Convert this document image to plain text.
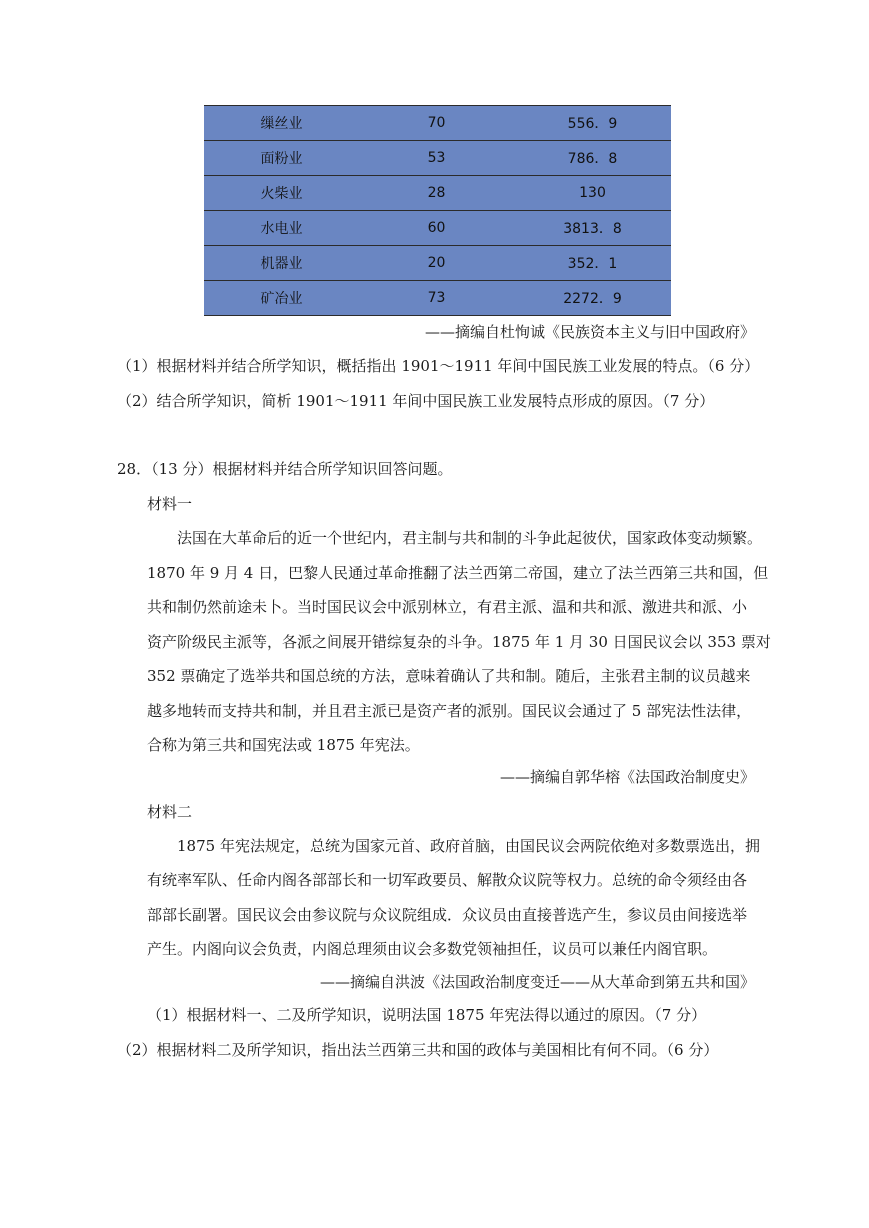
缫丝业	70	556．9
面粉业	53	786．8
火柴业	28	130
水电业	60	3813．8
机器业	20	352．1
矿冶业	73	2272．9
——摘编自杜恂诚《民族资本主义与旧中国政府》
（1）根据材料并结合所学知识，概括指出 1901～1911 年间中国民族工业发展的特点。（6 分）
（2）结合所学知识，简析 1901～1911 年间中国民族工业发展特点形成的原因。（7 分）
28．（13 分）根据材料并结合所学知识回答问题。
材料一
法国在大革命后的近一个世纪内，君主制与共和制的斗争此起彼伏，国家政体变动频繁。
1870 年 9 月 4 日，巴黎人民通过革命推翻了法兰西第二帝国，建立了法兰西第三共和国，但
共和制仍然前途未卜。当时国民议会中派别林立，有君主派、温和共和派、激进共和派、小
资产阶级民主派等，各派之间展开错综复杂的斗争。1875 年 1 月 30 日国民议会以 353 票对
352 票确定了选举共和国总统的方法，意味着确认了共和制。随后，主张君主制的议员越来
越多地转而支持共和制，并且君主派已是资产者的派别。国民议会通过了 5 部宪法性法律，
合称为第三共和国宪法或 1875 年宪法。
——摘编自郭华榕《法国政治制度史》
材料二
1875 年宪法规定，总统为国家元首、政府首脑，由国民议会两院依绝对多数票选出，拥
有统率军队、任命内阁各部部长和一切军政要员、解散众议院等权力。总统的命令须经由各
部部长副署。国民议会由参议院与众议院组成．众议员由直接普选产生，参议员由间接选举
产生。内阁向议会负责，内阁总理须由议会多数党领袖担任，议员可以兼任内阁官职。
——摘编自洪波《法国政治制度变迁——从大革命到第五共和国》
（1）根据材料一、二及所学知识，说明法国 1875 年宪法得以通过的原因。（7 分）
（2）根据材料二及所学知识，指出法兰西第三共和国的政体与美国相比有何不同。（6 分）
